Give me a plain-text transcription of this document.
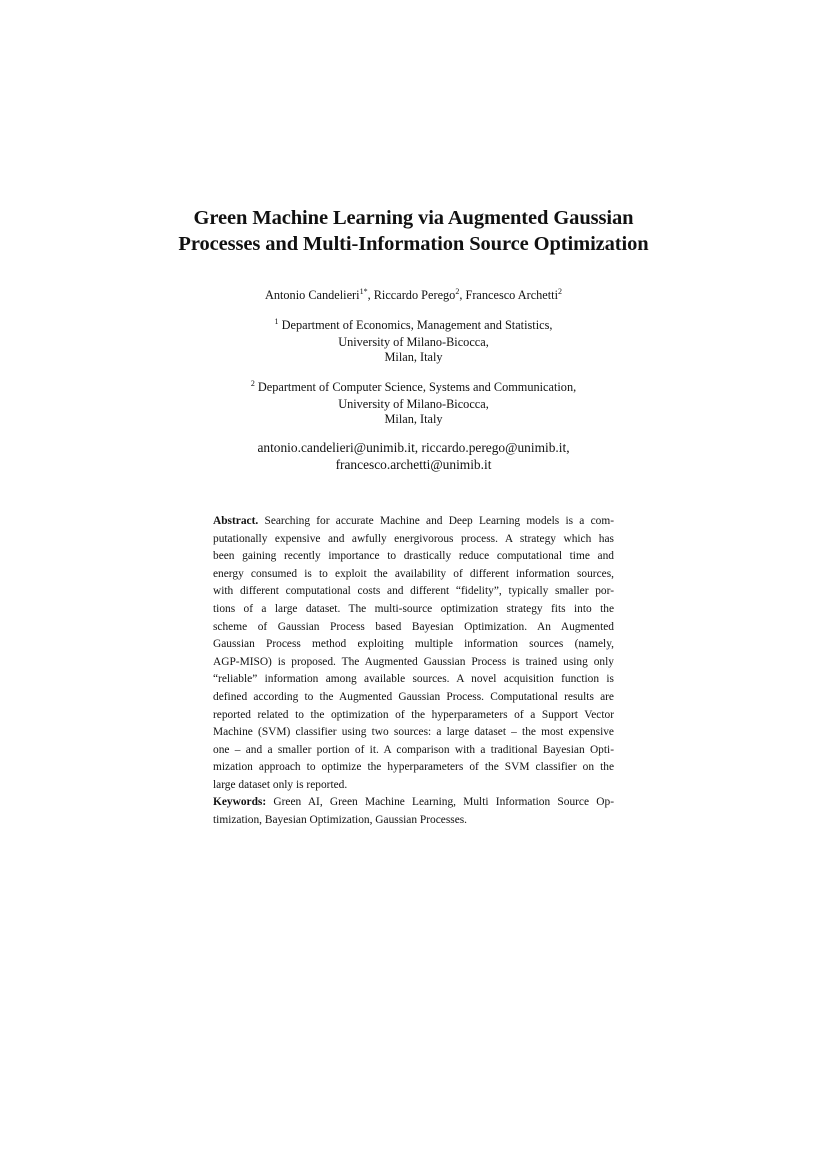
Green Machine Learning via Augmented Gaussian
Processes and Multi-Information Source Optimization
Antonio Candelieri$^{1*}$, Riccardo Perego$^2$, Francesco Archetti$^2$
$^1$ Department of Economics, Management and Statistics,
University of Milano-Bicocca,
Milan, Italy
$^2$ Department of Computer Science, Systems and Communication,
University of Milano-Bicocca,
Milan, Italy
antonio.candelieri@unimib.it, riccardo.perego@unimib.it,
francesco.archetti@unimib.it
Abstract. Searching for accurate Machine and Deep Learning models is a com-
putationally expensive and awfully energivorous process. A strategy which has
been gaining recently importance to drastically reduce computational time and
energy consumed is to exploit the availability of different information sources,
with different computational costs and different “fidelity”, typically smaller por-
tions of a large dataset. The multi-source optimization strategy fits into the
scheme of Gaussian Process based Bayesian Optimization. An Augmented
Gaussian Process method exploiting multiple information sources (namely,
AGP-MISO) is proposed. The Augmented Gaussian Process is trained using only
“reliable” information among available sources. A novel acquisition function is
defined according to the Augmented Gaussian Process. Computational results are
reported related to the optimization of the hyperparameters of a Support Vector
Machine (SVM) classifier using two sources: a large dataset – the most expensive
one – and a smaller portion of it. A comparison with a traditional Bayesian Opti-
mization approach to optimize the hyperparameters of the SVM classifier on the
large dataset only is reported.
Keywords: Green AI, Green Machine Learning, Multi Information Source Op-
timization, Bayesian Optimization, Gaussian Processes.
